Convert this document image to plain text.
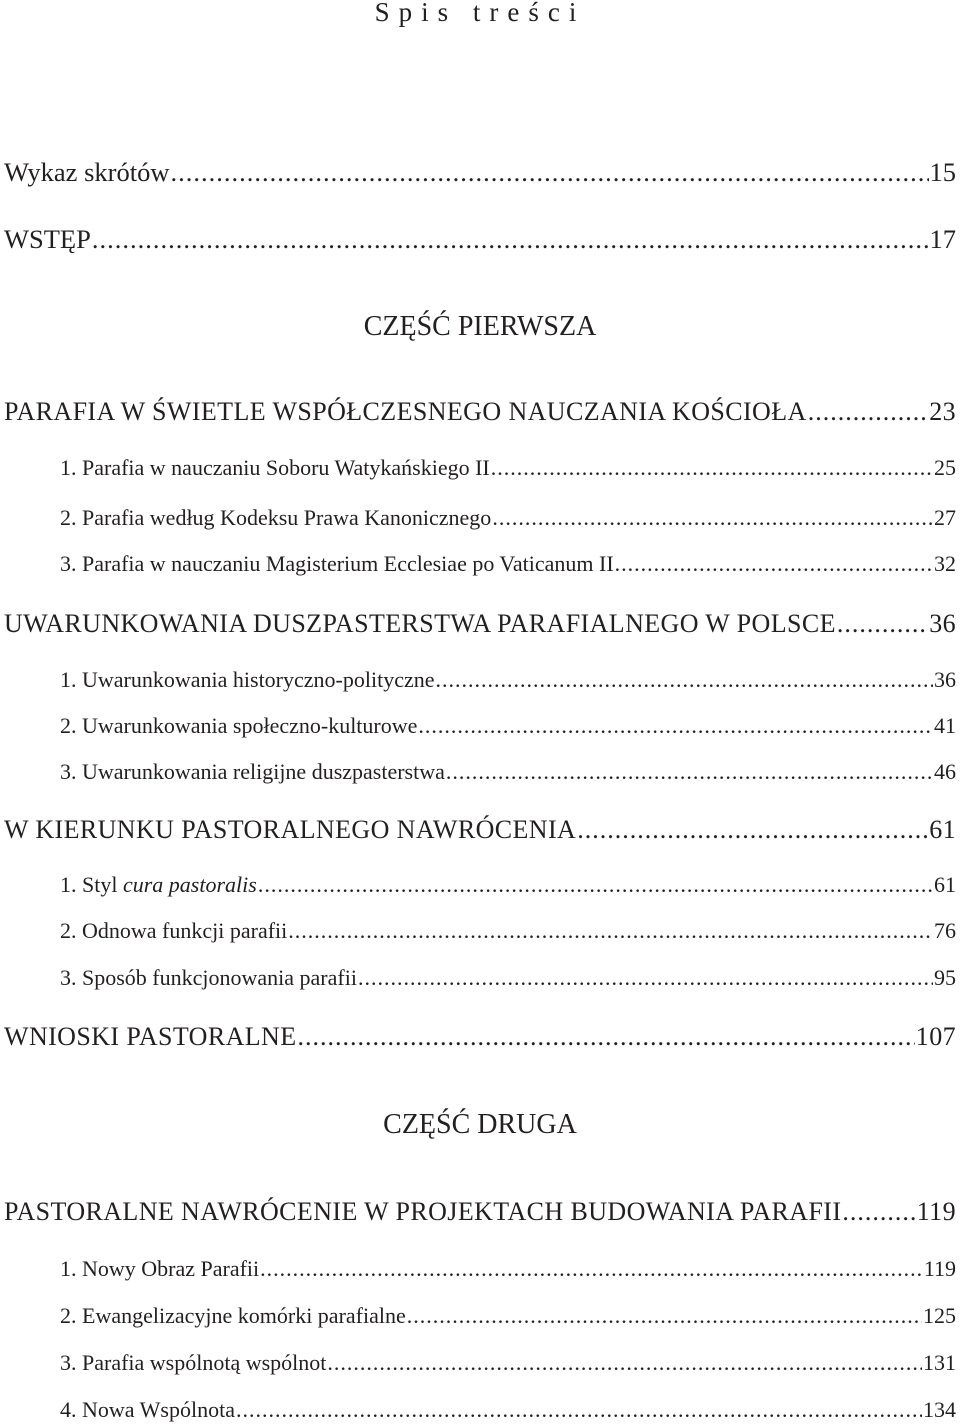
Spis treści
Wykaz skrótów .....	15
WSTĘP .....	17
CZĘŚĆ PIERWSZA
PARAFIA W ŚWIETLE WSPÓŁCZESNEGO NAUCZANIA KOŚCIOŁA .....	23
1. Parafia w nauczaniu Soboru Watykańskiego II .....	25
2. Parafia według Kodeksu Prawa Kanonicznego .....	27
3. Parafia w nauczaniu Magisterium Ecclesiae po Vaticanum II .....	32
UWARUNKOWANIA DUSZPASTERSTWA PARAFIALNEGO W POLSCE .....	36
1. Uwarunkowania historyczno-polityczne .....	36
2. Uwarunkowania społeczno-kulturowe .....	41
3. Uwarunkowania religijne duszpasterstwa .....	46
W KIERUNKU PASTORALNEGO NAWRÓCENIA .....	61
1. Styl cura pastoralis .....	61
2. Odnowa funkcji parafii .....	76
3. Sposób funkcjonowania parafii .....	95
WNIOSKI PASTORALNE .....	107
CZĘŚĆ DRUGA
PASTORALNE NAWRÓCENIE W PROJEKTACH BUDOWANIA PARAFII .....	119
1. Nowy Obraz Parafii .....	119
2. Ewangelizacyjne komórki parafialne .....	125
3. Parafia wspólnotą wspólnot .....	131
4. Nowa Wspólnota .....	134
